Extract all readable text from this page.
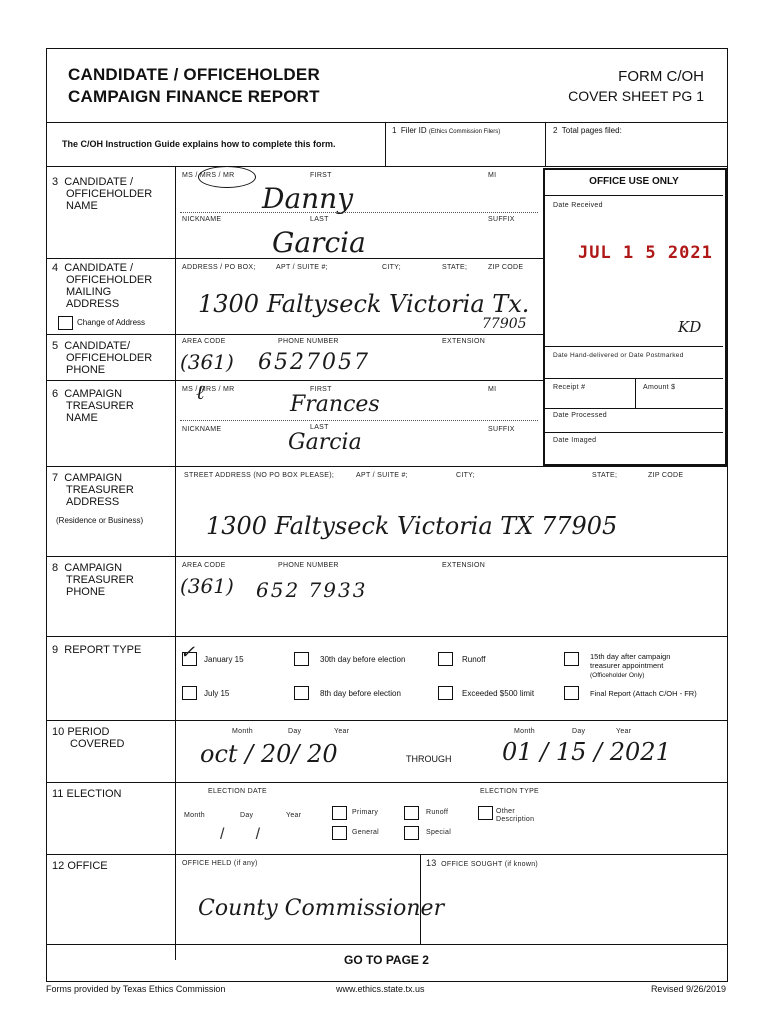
CANDIDATE / OFFICEHOLDER
CAMPAIGN FINANCE REPORT
FORM C/OH
COVER SHEET PG 1
The C/OH Instruction Guide explains how to complete this form.
1 Filer ID (Ethics Commission Filers)	2 Total pages filed:
OFFICE USE ONLY
Date Received
JUL 1 5 2021
KD
Date Hand-delivered or Date Postmarked
Receipt #	Amount $
Date Processed
Date Imaged
3 CANDIDATE /
OFFICEHOLDER
NAME
MS / MRS / MR	FIRST	MI
Danny
NICKNAME	LAST	SUFFIX
Garcia
4 CANDIDATE /
OFFICEHOLDER
MAILING
ADDRESS
ADDRESS / PO BOX;	APT / SUITE #;	CITY;	STATE;	ZIP CODE
1300 Faltyseck Victoria Tx.
77905
Change of Address
5 CANDIDATE/
OFFICEHOLDER
PHONE
AREA CODE	PHONE NUMBER	EXTENSION
(361) 6527057
6 CAMPAIGN
TREASURER
NAME
MS / MRS / MR
ℓ	FIRST	MI
Frances
NICKNAME	LAST	SUFFIX
Garcia
7 CAMPAIGN
TREASURER
ADDRESS
(Residence or Business)
STREET ADDRESS (NO PO BOX PLEASE);	APT / SUITE #;	CITY;	STATE;	ZIP CODE
1300 Faltyseck Victoria TX 77905
8 CAMPAIGN
TREASURER
PHONE
AREA CODE	PHONE NUMBER	EXTENSION
(361) 652 7933
9 REPORT TYPE ✓ January 15	30th day before election	Runoff	15th day after campaign
treasurer appointment
(Officeholder Only)
July 15	8th day before election	Exceeded $500 limit	Final Report (Attach C/OH - FR)
10 PERIOD
COVERED
Month	Day	Year
oct / 20/ 20	THROUGH
Month	Day	Year
01 / 15 / 2021
11 ELECTION	ELECTION DATE
Month	Day	Year
/       /
ELECTION TYPE
Primary	Runoff	Other
Description
General	Special
12 OFFICE	OFFICE HELD (if any)
County Commissioner
13 OFFICE SOUGHT (if known)
GO TO PAGE 2
Forms provided by Texas Ethics Commission	www.ethics.state.tx.us	Revised 9/26/2019
